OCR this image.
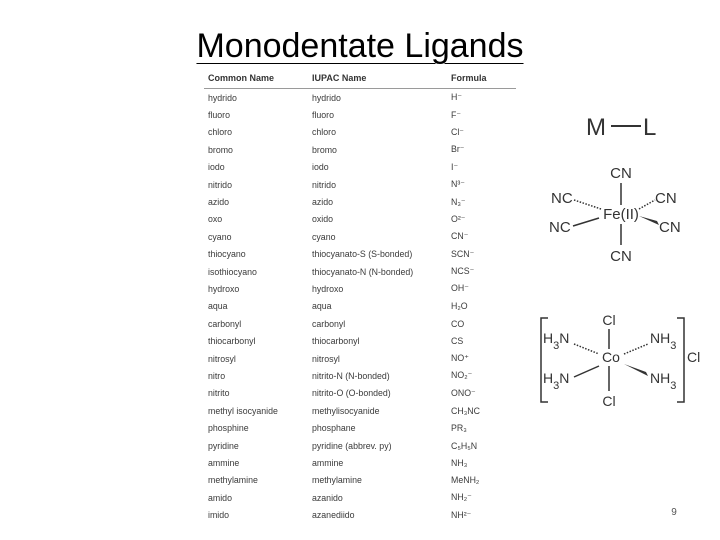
Monodentate Ligands
Common Name	IUPAC Name	Formula
hydrido	hydrido	H⁻
fluoro	fluoro	F⁻
chloro	chloro	Cl⁻
bromo	bromo	Br⁻
iodo	iodo	I⁻
nitrido	nitrido	N³⁻
azido	azido	N₃⁻
oxo	oxido	O²⁻
cyano	cyano	CN⁻
thiocyano	thiocyanato-S (S-bonded)	SCN⁻
isothiocyano	thiocyanato-N (N-bonded)	NCS⁻
hydroxo	hydroxo	OH⁻
aqua	aqua	H₂O
carbonyl	carbonyl	CO
thiocarbonyl	thiocarbonyl	CS
nitrosyl	nitrosyl	NO⁺
nitro	nitrito-N (N-bonded)	NO₂⁻
nitrito	nitrito-O (O-bonded)	ONO⁻
methyl isocyanide	methylisocyanide	CH₃NC
phosphine	phosphane	PR₃
pyridine	pyridine (abbrev. py)	C₅H₅N
ammine	ammine	NH₃
methylamine	methylamine	MeNH₂
amido	azanido	NH₂⁻
imido	azanediido	NH²⁻
M L
Fe(II)
CN
CN
NC
NC
CN
CN
Cl
Cl
Co
$H_3N$
$H_3N$
$NH_3$
$NH_3$
Cl
9
